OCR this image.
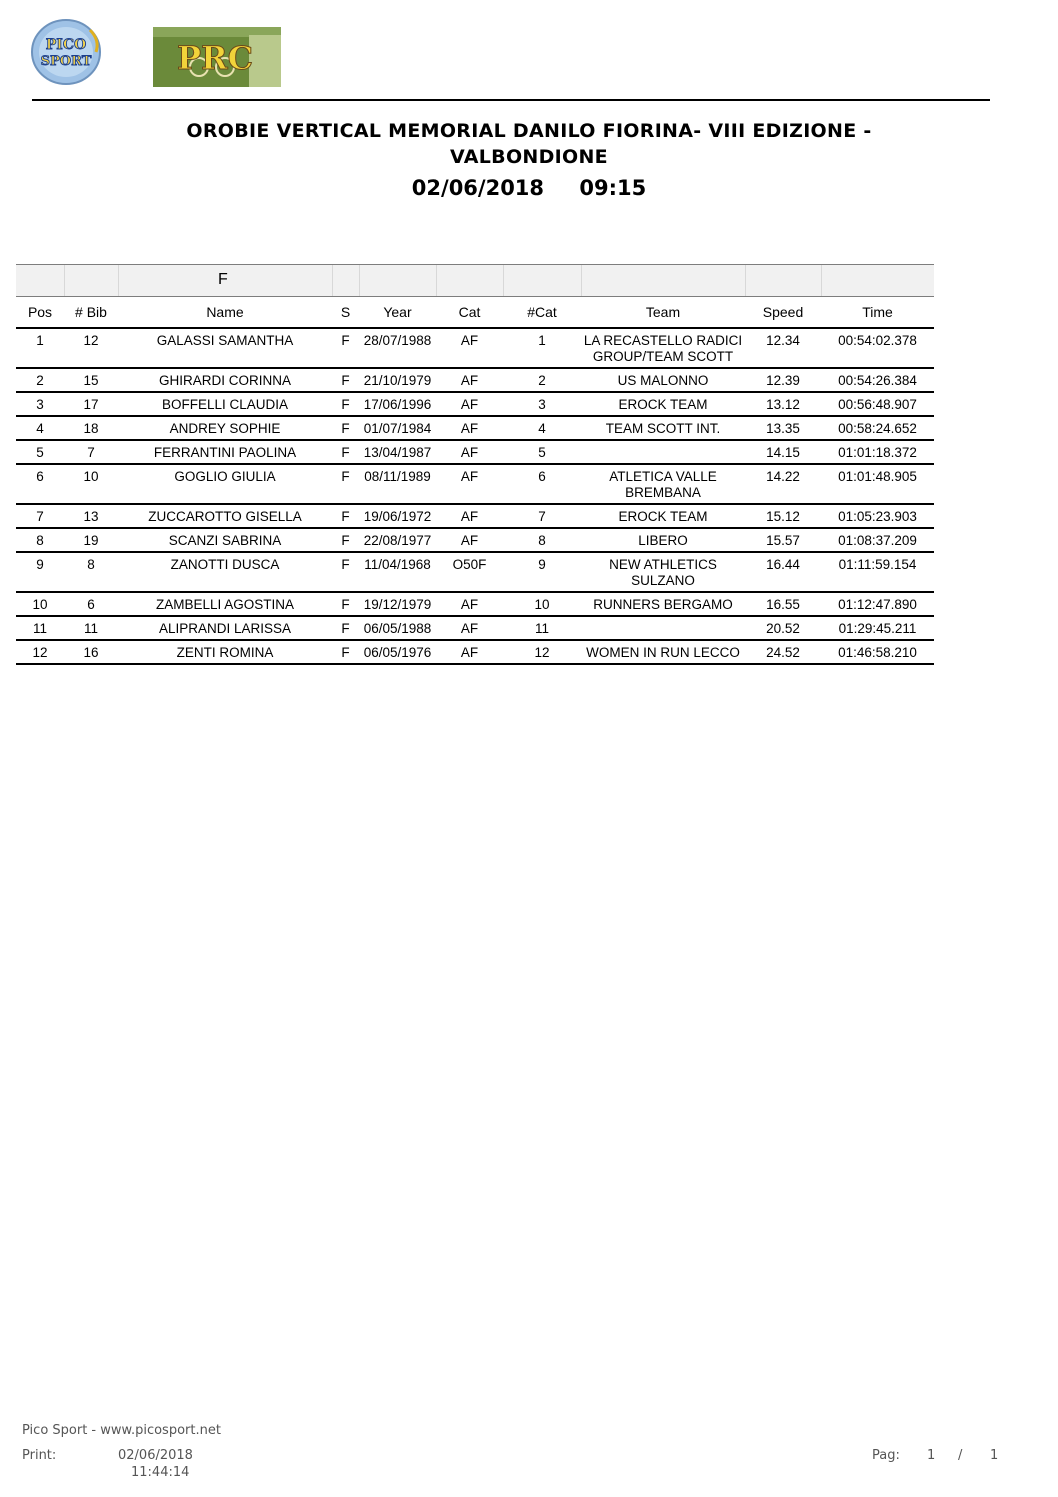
PICO
SPORT	PRC
OROBIE VERTICAL MEMORIAL DANILO FIORINA- VIII EDIZIONE -
VALBONDIONE
02/06/2018 09:15
F
Pos	# Bib	Name	S	Year	Cat	#Cat	Team	Speed	Time
1	12	GALASSI SAMANTHA	F	28/07/1988	AF	1	LA RECASTELLO RADICI GROUP/TEAM SCOTT	12.34	00:54:02.378
2	15	GHIRARDI CORINNA	F	21/10/1979	AF	2	US MALONNO	12.39	00:54:26.384
3	17	BOFFELLI CLAUDIA	F	17/06/1996	AF	3	EROCK TEAM	13.12	00:56:48.907
4	18	ANDREY SOPHIE	F	01/07/1984	AF	4	TEAM SCOTT INT.	13.35	00:58:24.652
5	7	FERRANTINI PAOLINA	F	13/04/1987	AF	5		14.15	01:01:18.372
6	10	GOGLIO GIULIA	F	08/11/1989	AF	6	ATLETICA VALLE BREMBANA	14.22	01:01:48.905
7	13	ZUCCAROTTO GISELLA	F	19/06/1972	AF	7	EROCK TEAM	15.12	01:05:23.903
8	19	SCANZI SABRINA	F	22/08/1977	AF	8	LIBERO	15.57	01:08:37.209
9	8	ZANOTTI DUSCA	F	11/04/1968	O50F	9	NEW ATHLETICS SULZANO	16.44	01:11:59.154
10	6	ZAMBELLI AGOSTINA	F	19/12/1979	AF	10	RUNNERS BERGAMO	16.55	01:12:47.890
11	11	ALIPRANDI LARISSA	F	06/05/1988	AF	11		20.52	01:29:45.211
12	16	ZENTI ROMINA	F	06/05/1976	AF	12	WOMEN IN RUN LECCO	24.52	01:46:58.210
Pico Sport - www.picosport.net
Print:	02/06/2018
11:44:14
Pag: 1 / 1
